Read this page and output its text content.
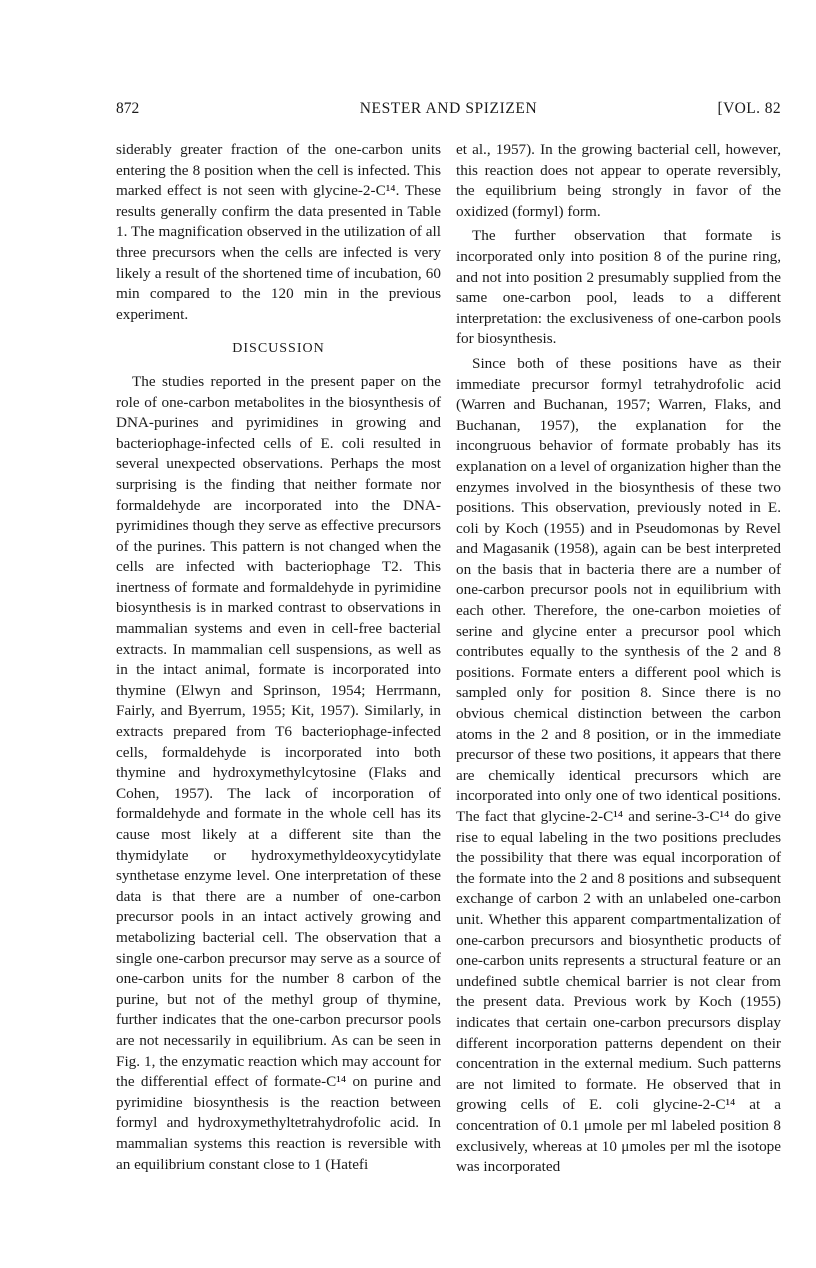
872	NESTER AND SPIZIZEN	[VOL. 82

siderably greater fraction of the one-carbon units entering the 8 position when the cell is infected. This marked effect is not seen with glycine-2-C¹⁴. These results generally confirm the data presented in Table 1. The magnification observed in the utilization of all three precursors when the cells are infected is very likely a result of the shortened time of incubation, 60 min compared to the 120 min in the previous experiment.

DISCUSSION

The studies reported in the present paper on the role of one-carbon metabolites in the biosynthesis of DNA-purines and pyrimidines in growing and bacteriophage-infected cells of E. coli resulted in several unexpected observations. Perhaps the most surprising is the finding that neither formate nor formaldehyde are incorporated into the DNA-pyrimidines though they serve as effective precursors of the purines. This pattern is not changed when the cells are infected with bacteriophage T2. This inertness of formate and formaldehyde in pyrimidine biosynthesis is in marked contrast to observations in mammalian systems and even in cell-free bacterial extracts. In mammalian cell suspensions, as well as in the intact animal, formate is incorporated into thymine (Elwyn and Sprinson, 1954; Herrmann, Fairly, and Byerrum, 1955; Kit, 1957). Similarly, in extracts prepared from T6 bacteriophage-infected cells, formaldehyde is incorporated into both thymine and hydroxymethylcytosine (Flaks and Cohen, 1957). The lack of incorporation of formaldehyde and formate in the whole cell has its cause most likely at a different site than the thymidylate or hydroxymethyldeoxycytidylate synthetase enzyme level. One interpretation of these data is that there are a number of one-carbon precursor pools in an intact actively growing and metabolizing bacterial cell. The observation that a single one-carbon precursor may serve as a source of one-carbon units for the number 8 carbon of the purine, but not of the methyl group of thymine, further indicates that the one-carbon precursor pools are not necessarily in equilibrium. As can be seen in Fig. 1, the enzymatic reaction which may account for the differential effect of formate-C¹⁴ on purine and pyrimidine biosynthesis is the reaction between formyl and hydroxymethyltetrahydrofolic acid. In mammalian systems this reaction is reversible with an equilibrium constant close to 1 (Hatefi

et al., 1957). In the growing bacterial cell, however, this reaction does not appear to operate reversibly, the equilibrium being strongly in favor of the oxidized (formyl) form.

The further observation that formate is incorporated only into position 8 of the purine ring, and not into position 2 presumably supplied from the same one-carbon pool, leads to a different interpretation: the exclusiveness of one-carbon pools for biosynthesis.

Since both of these positions have as their immediate precursor formyl tetrahydrofolic acid (Warren and Buchanan, 1957; Warren, Flaks, and Buchanan, 1957), the explanation for the incongruous behavior of formate probably has its explanation on a level of organization higher than the enzymes involved in the biosynthesis of these two positions. This observation, previously noted in E. coli by Koch (1955) and in Pseudomonas by Revel and Magasanik (1958), again can be best interpreted on the basis that in bacteria there are a number of one-carbon precursor pools not in equilibrium with each other. Therefore, the one-carbon moieties of serine and glycine enter a precursor pool which contributes equally to the synthesis of the 2 and 8 positions. Formate enters a different pool which is sampled only for position 8. Since there is no obvious chemical distinction between the carbon atoms in the 2 and 8 position, or in the immediate precursor of these two positions, it appears that there are chemically identical precursors which are incorporated into only one of two identical positions. The fact that glycine-2-C¹⁴ and serine-3-C¹⁴ do give rise to equal labeling in the two positions precludes the possibility that there was equal incorporation of the formate into the 2 and 8 positions and subsequent exchange of carbon 2 with an unlabeled one-carbon unit. Whether this apparent compartmentalization of one-carbon precursors and biosynthetic products of one-carbon units represents a structural feature or an undefined subtle chemical barrier is not clear from the present data. Previous work by Koch (1955) indicates that certain one-carbon precursors display different incorporation patterns dependent on their concentration in the external medium. Such patterns are not limited to formate. He observed that in growing cells of E. coli glycine-2-C¹⁴ at a concentration of 0.1 μmole per ml labeled position 8 exclusively, whereas at 10 μmoles per ml the isotope was incorporated
